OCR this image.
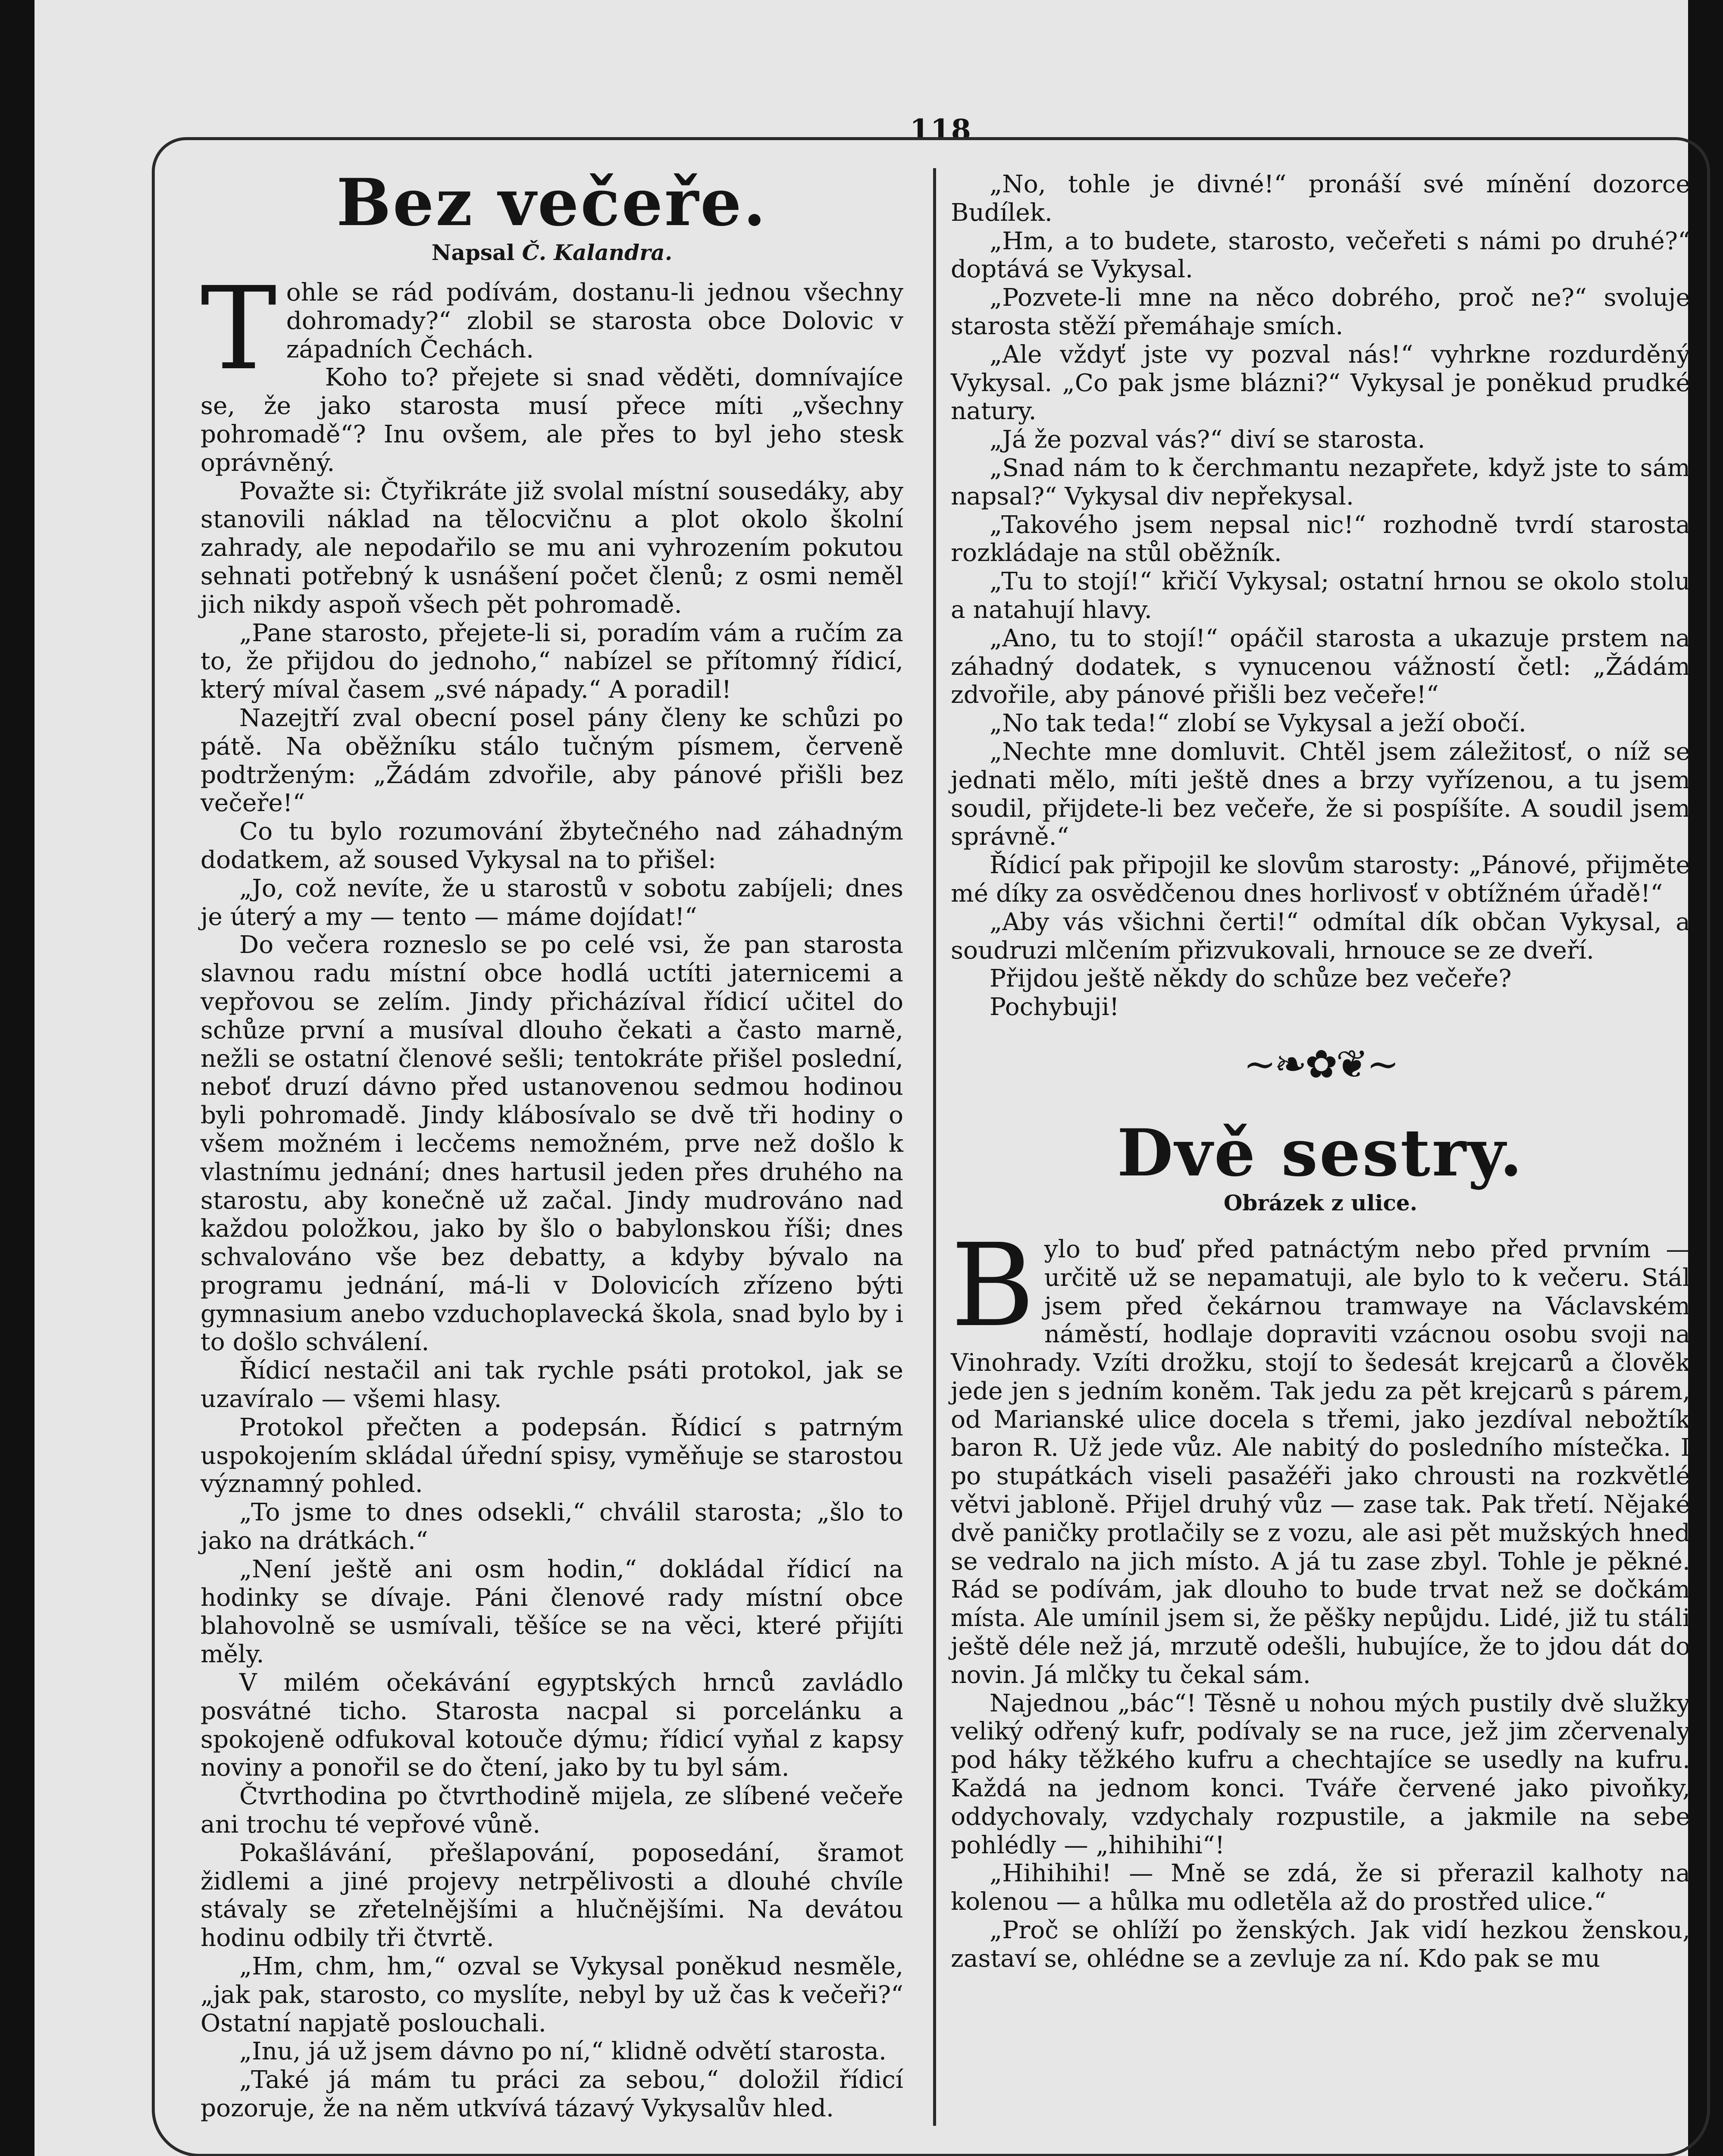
118
Bez večeře.
Napsal Č. Kalandra.

Tohle se rád podívám, dostanu-li jednou všechny dohromady?“ zlobil se starosta obce Dolovic v západních Čechách.

Koho to? přejete si snad věděti, domnívajíce se, že jako starosta musí přece míti „všechny pohromadě“? Inu ovšem, ale přes to byl jeho stesk oprávněný.

Považte si: Čtyřikráte již svolal místní sousedáky, aby stanovili náklad na tělocvičnu a plot okolo školní zahrady, ale nepodařilo se mu ani vyhrozením pokutou sehnati potřebný k usnášení počet členů; z osmi neměl jich nikdy aspoň všech pět pohromadě.

„Pane starosto, přejete-li si, poradím vám a ručím za to, že přijdou do jednoho,“ nabízel se přítomný řídicí, který míval časem „své nápady.“ A poradil!

Nazejtří zval obecní posel pány členy ke schůzi po pátě. Na oběžníku stálo tučným písmem, červeně podtrženým: „Žádám zdvořile, aby pánové přišli bez večeře!“

Co tu bylo rozumování žbytečného nad záhadným dodatkem, až soused Vykysal na to přišel:

„Jo, což nevíte, že u starostů v sobotu zabíjeli; dnes je úterý a my — tento — máme dojídat!“

Do večera rozneslo se po celé vsi, že pan starosta slavnou radu místní obce hodlá uctíti jaternicemi a vepřovou se zelím. Jindy přicházíval řídicí učitel do schůze první a musíval dlouho čekati a často marně, nežli se ostatní členové sešli; tentokráte přišel poslední, neboť druzí dávno před ustanovenou sedmou hodinou byli pohromadě. Jindy klábosívalo se dvě tři hodiny o všem možném i lecčems nemožném, prve než došlo k vlastnímu jednání; dnes hartusil jeden přes druhého na starostu, aby konečně už začal. Jindy mudrováno nad každou položkou, jako by šlo o babylonskou říši; dnes schvalováno vše bez debatty, a kdyby bývalo na programu jednání, má-li v Dolovicích zřízeno býti gymnasium anebo vzduchoplavecká škola, snad bylo by i to došlo schválení.

Řídicí nestačil ani tak rychle psáti protokol, jak se uzavíralo — všemi hlasy.

Protokol přečten a podepsán. Řídicí s patrným uspokojením skládal úřední spisy, vyměňuje se starostou významný pohled.

„To jsme to dnes odsekli,“ chválil starosta; „šlo to jako na drátkách.“

„Není ještě ani osm hodin,“ dokládal řídicí na hodinky se dívaje. Páni členové rady místní obce blahovolně se usmívali, těšíce se na věci, které přijíti měly.

V milém očekávání egyptských hrnců zavládlo posvátné ticho. Starosta nacpal si porcelánku a spokojeně odfukoval kotouče dýmu; řídicí vyňal z kapsy noviny a ponořil se do čtení, jako by tu byl sám.

Čtvrthodina po čtvrthodině mijela, ze slíbené večeře ani trochu té vepřové vůně.

Pokašlávání, přešlapování, poposedání, šramot židlemi a jiné projevy netrpělivosti a dlouhé chvíle stávaly se zřetelnějšími a hlučnějšími. Na devátou hodinu odbily tři čtvrtě.

„Hm, chm, hm,“ ozval se Vykysal poněkud nesměle, „jak pak, starosto, co myslíte, nebyl by už čas k večeři?“ Ostatní napjatě poslouchali.

„Inu, já už jsem dávno po ní,“ klidně odvětí starosta.

„Také já mám tu práci za sebou,“ doložil řídicí pozoruje, že na něm utkvívá tázavý Vykysalův hled.

„No, tohle je divné!“ pronáší své mínění dozorce Budílek.

„Hm, a to budete, starosto, večeřeti s námi po druhé?“ doptává se Vykysal.

„Pozvete-li mne na něco dobrého, proč ne?“ svoluje starosta stěží přemáhaje smích.

„Ale vždyť jste vy pozval nás!“ vyhrkne rozdurděný Vykysal. „Co pak jsme blázni?“ Vykysal je poněkud prudké natury.

„Já že pozval vás?“ diví se starosta.

„Snad nám to k čerchmantu nezapřete, když jste to sám napsal?“ Vykysal div nepřekysal.

„Takového jsem nepsal nic!“ rozhodně tvrdí starosta rozkládaje na stůl oběžník.

„Tu to stojí!“ křičí Vykysal; ostatní hrnou se okolo stolu a natahují hlavy.

„Ano, tu to stojí!“ opáčil starosta a ukazuje prstem na záhadný dodatek, s vynucenou vážností četl: „Žádám zdvořile, aby pánové přišli bez večeře!“

„No tak teda!“ zlobí se Vykysal a ježí obočí.

„Nechte mne domluvit. Chtěl jsem záležitosť, o níž se jednati mělo, míti ještě dnes a brzy vyřízenou, a tu jsem soudil, přijdete-li bez večeře, že si pospíšíte. A soudil jsem správně.“

Řídicí pak připojil ke slovům starosty: „Pánové, přijměte mé díky za osvědčenou dnes horlivosť v obtížném úřadě!“

„Aby vás všichni čerti!“ odmítal dík občan Vykysal, a soudruzi mlčením přizvukovali, hrnouce se ze dveří.

Přijdou ještě někdy do schůze bez večeře?

Pochybuji!

~❧✿❦~
Dvě sestry.
Obrázek z ulice.

Bylo to buď před patnáctým nebo před prvním — určitě už se nepamatuji, ale bylo to k večeru. Stál jsem před čekárnou tramwaye na Václavském náměstí, hodlaje dopraviti vzácnou osobu svoji na Vinohrady. Vzíti drožku, stojí to šedesát krejcarů a člověk jede jen s jedním koněm. Tak jedu za pět krejcarů s párem, od Marianské ulice docela s třemi, jako jezdíval nebožtík baron R. Už jede vůz. Ale nabitý do posledního místečka. I po stupátkách viseli pasažéři jako chrousti na rozkvětlé větvi jabloně. Přijel druhý vůz — zase tak. Pak třetí. Nějaké dvě paničky protlačily se z vozu, ale asi pět mužských hned se vedralo na jich místo. A já tu zase zbyl. Tohle je pěkné. Rád se podívám, jak dlouho to bude trvat než se dočkám místa. Ale umínil jsem si, že pěšky nepůjdu. Lidé, již tu stáli ještě déle než já, mrzutě odešli, hubujíce, že to jdou dát do novin. Já mlčky tu čekal sám.

Najednou „bác“! Těsně u nohou mých pustily dvě služky veliký odřený kufr, podívaly se na ruce, jež jim zčervenaly pod háky těžkého kufru a chechtajíce se usedly na kufru. Každá na jednom konci. Tváře červené jako pivoňky, oddychovaly, vzdychaly rozpustile, a jakmile na sebe pohlédly — „hihihihi“!

„Hihihihi! — Mně se zdá, že si přerazil kalhoty na kolenou — a hůlka mu odletěla až do prostřed ulice.“

„Proč se ohlíží po ženských. Jak vidí hezkou ženskou, zastaví se, ohlédne se a zevluje za ní. Kdo pak se mu
